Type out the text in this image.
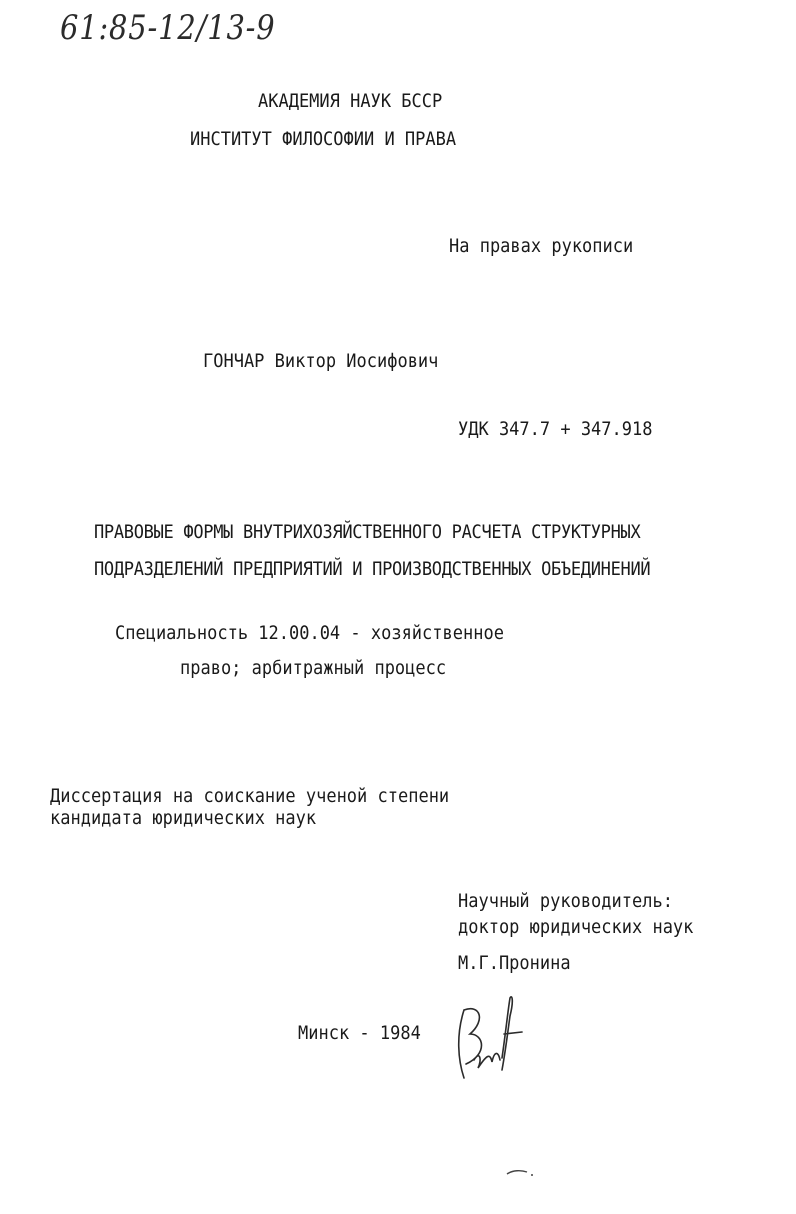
61:85-12/13-9
АКАДЕМИЯ НАУК БССР
ИНСТИТУТ ФИЛОСОФИИ И ПРАВА
На правах рукописи
ГОНЧАР Виктор Иосифович
УДК 347.7 + 347.918
ПРАВОВЫЕ ФОРМЫ ВНУТРИХОЗЯЙСТВЕННОГО РАСЧЕТА СТРУКТУРНЫХ
ПОДРАЗДЕЛЕНИЙ ПРЕДПРИЯТИЙ И ПРОИЗВОДСТВЕННЫХ ОБЪЕДИНЕНИЙ
Специальность 12.00.04 - хозяйственное
право; арбитражный процесс
Диссертация на соискание ученой степени
кандидата юридических наук
Научный руководитель:
доктор юридических наук
М.Г.Пронина
Минск - 1984
